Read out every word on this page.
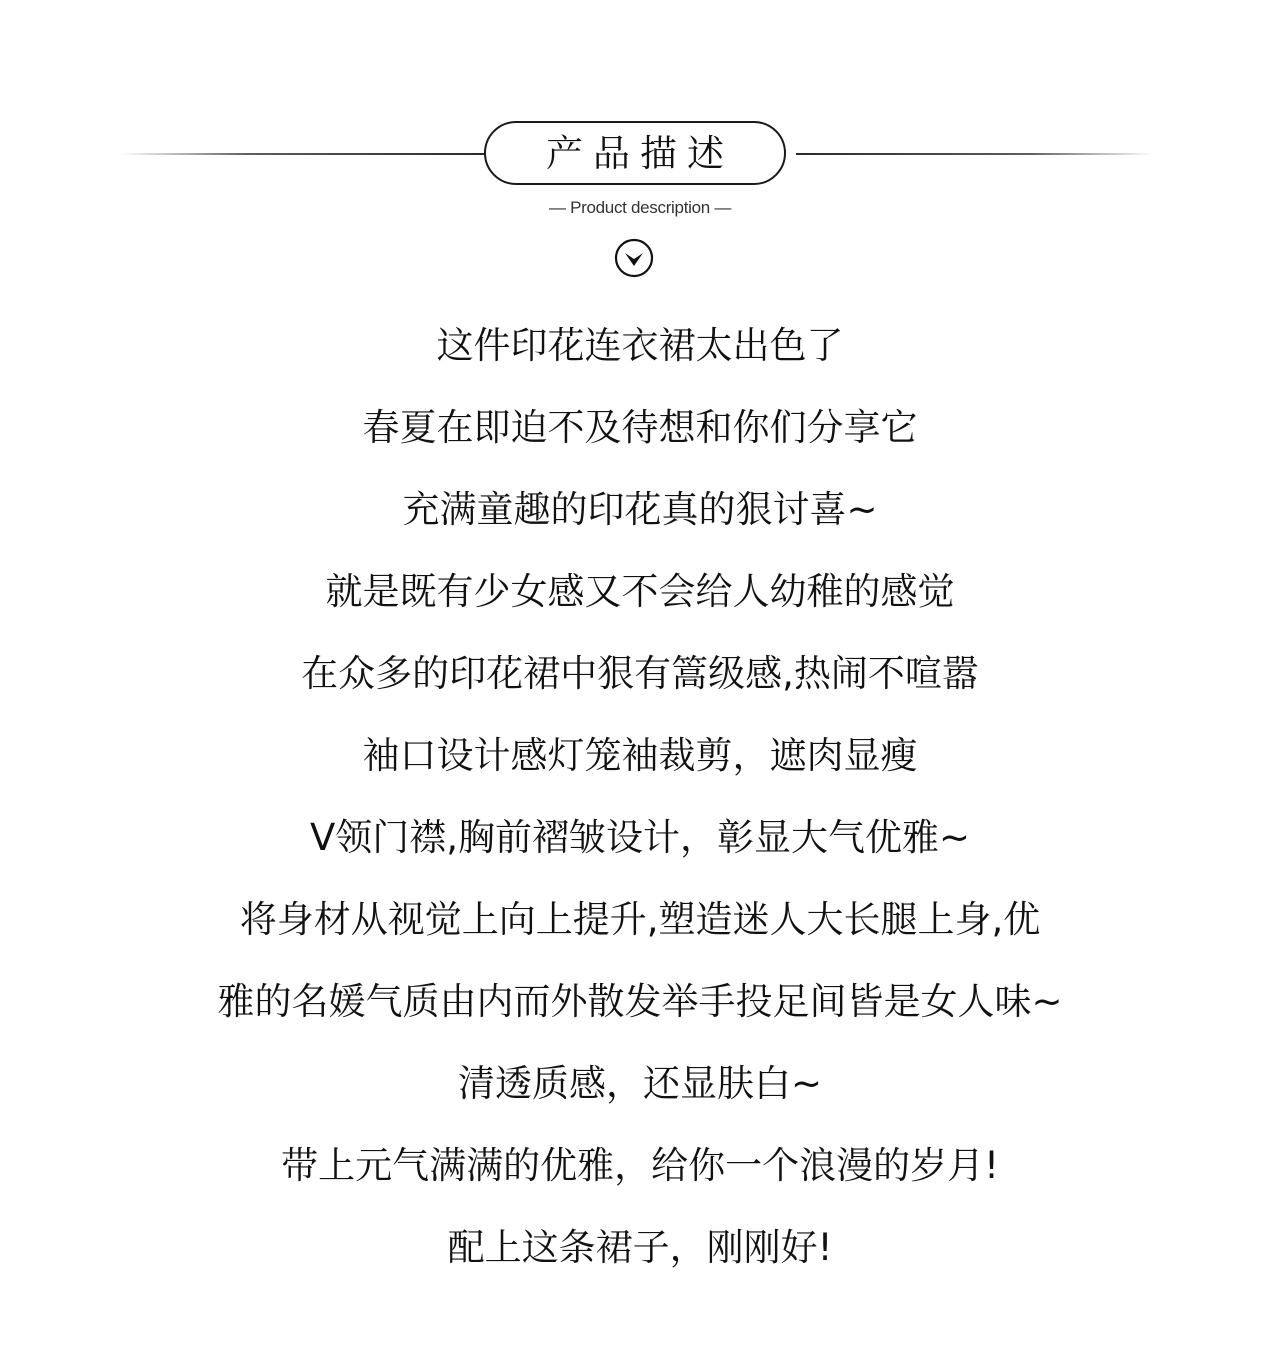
产品描述
— Product description —
这件印花连衣裙太出色了
春夏在即迫不及待想和你们分享它
充满童趣的印花真的狠讨喜~
就是既有少女感又不会给人幼稚的感觉
在众多的印花裙中狠有篙级感,热闹不喧嚣
袖口设计感灯笼袖裁剪，遮肉显瘦
V领门襟,胸前褶皱设计，彰显大气优雅~
将身材从视觉上向上提升,塑造迷人大长腿上身,优
雅的名媛气质由内而外散发举手投足间皆是女人味~
清透质感，还显肤白~
带上元气满满的优雅，给你一个浪漫的岁月!
配上这条裙子，刚刚好!
